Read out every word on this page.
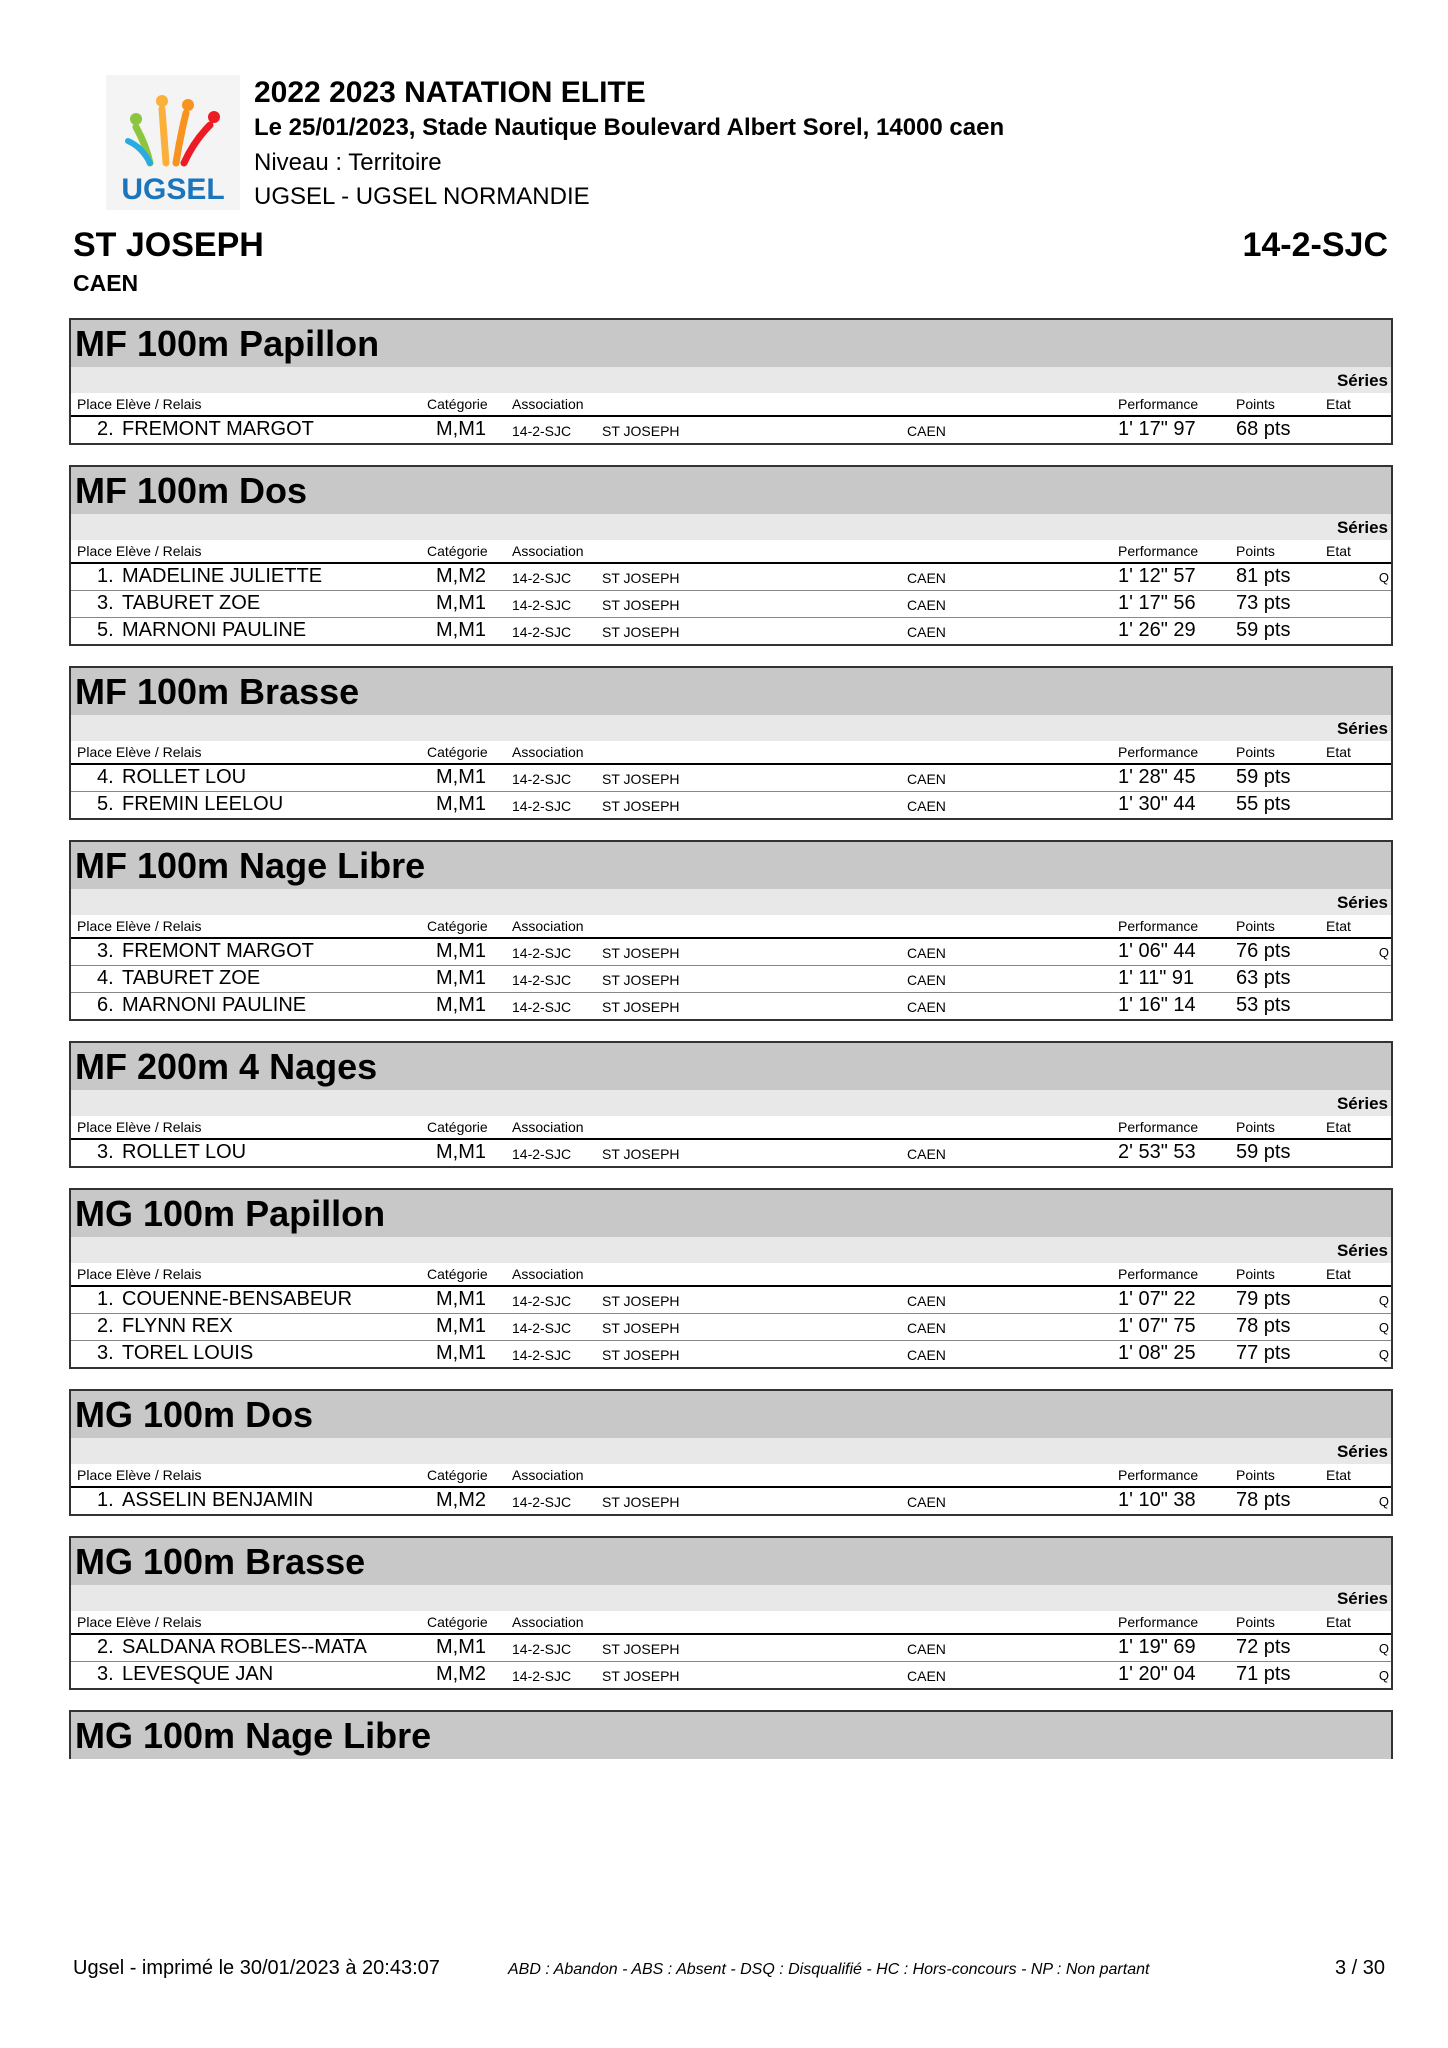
UGSEL
2022 2023 NATATION ELITE
Le 25/01/2023, Stade Nautique Boulevard Albert Sorel, 14000 caen
Niveau : Territoire
UGSEL - UGSEL NORMANDIE
ST JOSEPH
CAEN
14-2-SJC
MF 100m Papillon
Séries
Place Elève / Relais	Catégorie Association	Performance	Points	Etat
2. FREMONT MARGOT	M,M1 14-2-SJC ST JOSEPH	CAEN	1' 17" 97 68 pts
MF 100m Dos
Séries
Place Elève / Relais	Catégorie Association	Performance	Points	Etat
1. MADELINE JULIETTE	M,M2 14-2-SJC ST JOSEPH	CAEN	1' 12" 57 81 pts	Q
3. TABURET ZOE	M,M1 14-2-SJC ST JOSEPH	CAEN	1' 17" 56 73 pts
5. MARNONI PAULINE	M,M1 14-2-SJC ST JOSEPH	CAEN	1' 26" 29 59 pts
MF 100m Brasse
Séries
Place Elève / Relais	Catégorie Association	Performance	Points	Etat
4. ROLLET LOU	M,M1 14-2-SJC ST JOSEPH	CAEN	1' 28" 45 59 pts
5. FREMIN LEELOU	M,M1 14-2-SJC ST JOSEPH	CAEN	1' 30" 44 55 pts
MF 100m Nage Libre
Séries
Place Elève / Relais	Catégorie Association	Performance	Points	Etat
3. FREMONT MARGOT	M,M1 14-2-SJC ST JOSEPH	CAEN	1' 06" 44 76 pts	Q
4. TABURET ZOE	M,M1 14-2-SJC ST JOSEPH	CAEN	1' 11" 91 63 pts
6. MARNONI PAULINE	M,M1 14-2-SJC ST JOSEPH	CAEN	1' 16" 14 53 pts
MF 200m 4 Nages
Séries
Place Elève / Relais	Catégorie Association	Performance	Points	Etat
3. ROLLET LOU	M,M1 14-2-SJC ST JOSEPH	CAEN	2' 53" 53 59 pts
MG 100m Papillon
Séries
Place Elève / Relais	Catégorie Association	Performance	Points	Etat
1. COUENNE-BENSABEUR	M,M1 14-2-SJC ST JOSEPH	CAEN	1' 07" 22 79 pts	Q
2. FLYNN REX	M,M1 14-2-SJC ST JOSEPH	CAEN	1' 07" 75 78 pts	Q
3. TOREL LOUIS	M,M1 14-2-SJC ST JOSEPH	CAEN	1' 08" 25 77 pts	Q
MG 100m Dos
Séries
Place Elève / Relais	Catégorie Association	Performance	Points	Etat
1. ASSELIN BENJAMIN	M,M2 14-2-SJC ST JOSEPH	CAEN	1' 10" 38 78 pts	Q
MG 100m Brasse
Séries
Place Elève / Relais	Catégorie Association	Performance	Points	Etat
2. SALDANA ROBLES--MATA	M,M1 14-2-SJC ST JOSEPH	CAEN	1' 19" 69 72 pts	Q
3. LEVESQUE JAN	M,M2 14-2-SJC ST JOSEPH	CAEN	1' 20" 04 71 pts	Q
MG 100m Nage Libre
Ugsel - imprimé le 30/01/2023 à 20:43:07	ABD : Abandon - ABS : Absent - DSQ : Disqualifié - HC : Hors-concours - NP : Non partant	3 / 30
